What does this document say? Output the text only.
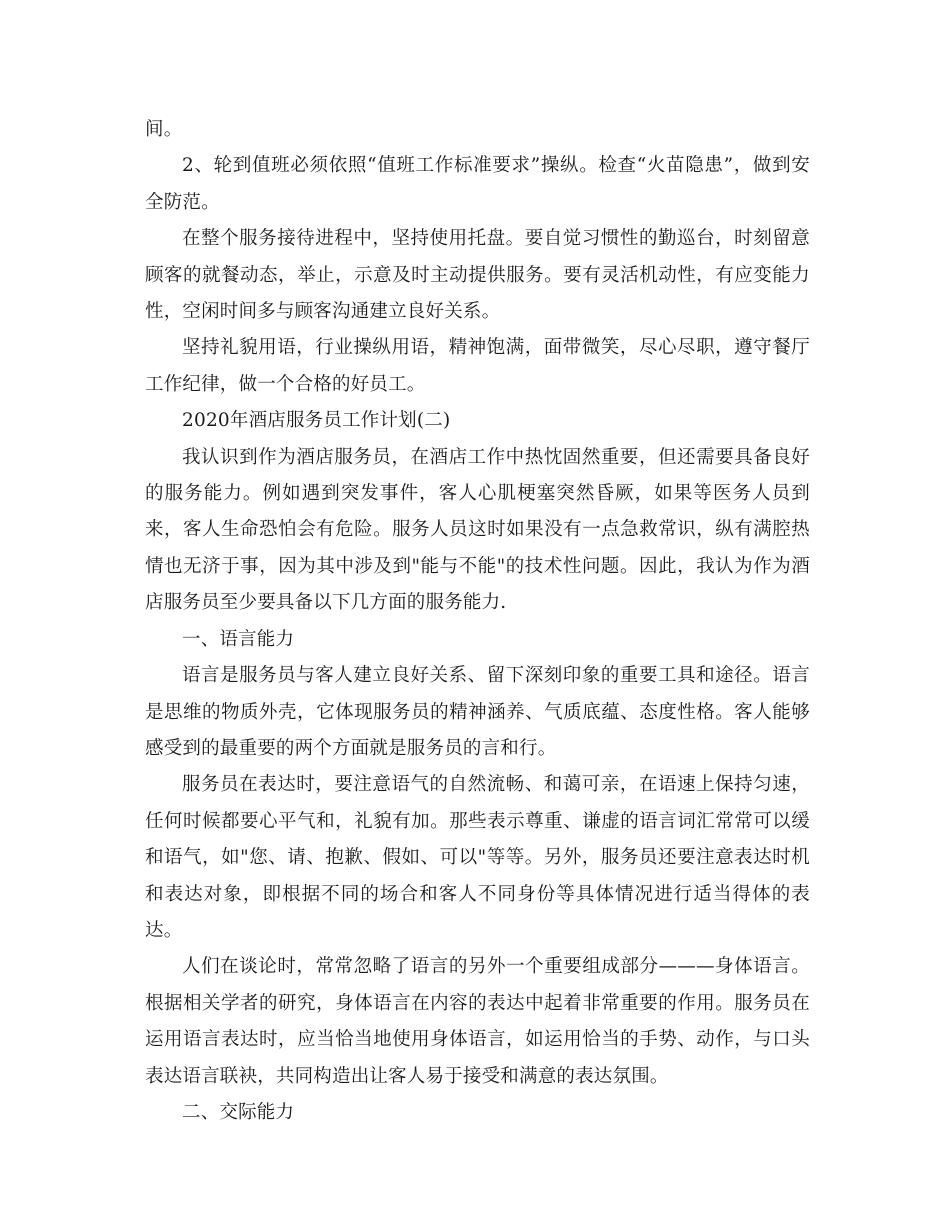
间。

2、轮到值班必须依照“值班工作标准要求”操纵。检查“火苗隐患”，做到安全防范。

在整个服务接待进程中，坚持使用托盘。要自觉习惯性的勤巡台，时刻留意顾客的就餐动态，举止，示意及时主动提供服务。要有灵活机动性，有应变能力性，空闲时间多与顾客沟通建立良好关系。

坚持礼貌用语，行业操纵用语，精神饱满，面带微笑，尽心尽职，遵守餐厅工作纪律，做一个合格的好员工。

2020年酒店服务员工作计划(二)

我认识到作为酒店服务员，在酒店工作中热忱固然重要，但还需要具备良好的服务能力。例如遇到突发事件，客人心肌梗塞突然昏厥，如果等医务人员到来，客人生命恐怕会有危险。服务人员这时如果没有一点急救常识，纵有满腔热情也无济于事，因为其中涉及到"能与不能"的技术性问题。因此，我认为作为酒店服务员至少要具备以下几方面的服务能力.

一、语言能力

语言是服务员与客人建立良好关系、留下深刻印象的重要工具和途径。语言是思维的物质外壳，它体现服务员的精神涵养、气质底蕴、态度性格。客人能够感受到的最重要的两个方面就是服务员的言和行。

服务员在表达时，要注意语气的自然流畅、和蔼可亲，在语速上保持匀速，任何时候都要心平气和，礼貌有加。那些表示尊重、谦虚的语言词汇常常可以缓和语气，如"您、请、抱歉、假如、可以"等等。另外，服务员还要注意表达时机和表达对象，即根据不同的场合和客人不同身份等具体情况进行适当得体的表达。

人们在谈论时，常常忽略了语言的另外一个重要组成部分———身体语言。根据相关学者的研究，身体语言在内容的表达中起着非常重要的作用。服务员在运用语言表达时，应当恰当地使用身体语言，如运用恰当的手势、动作，与口头表达语言联袂，共同构造出让客人易于接受和满意的表达氛围。

二、交际能力
